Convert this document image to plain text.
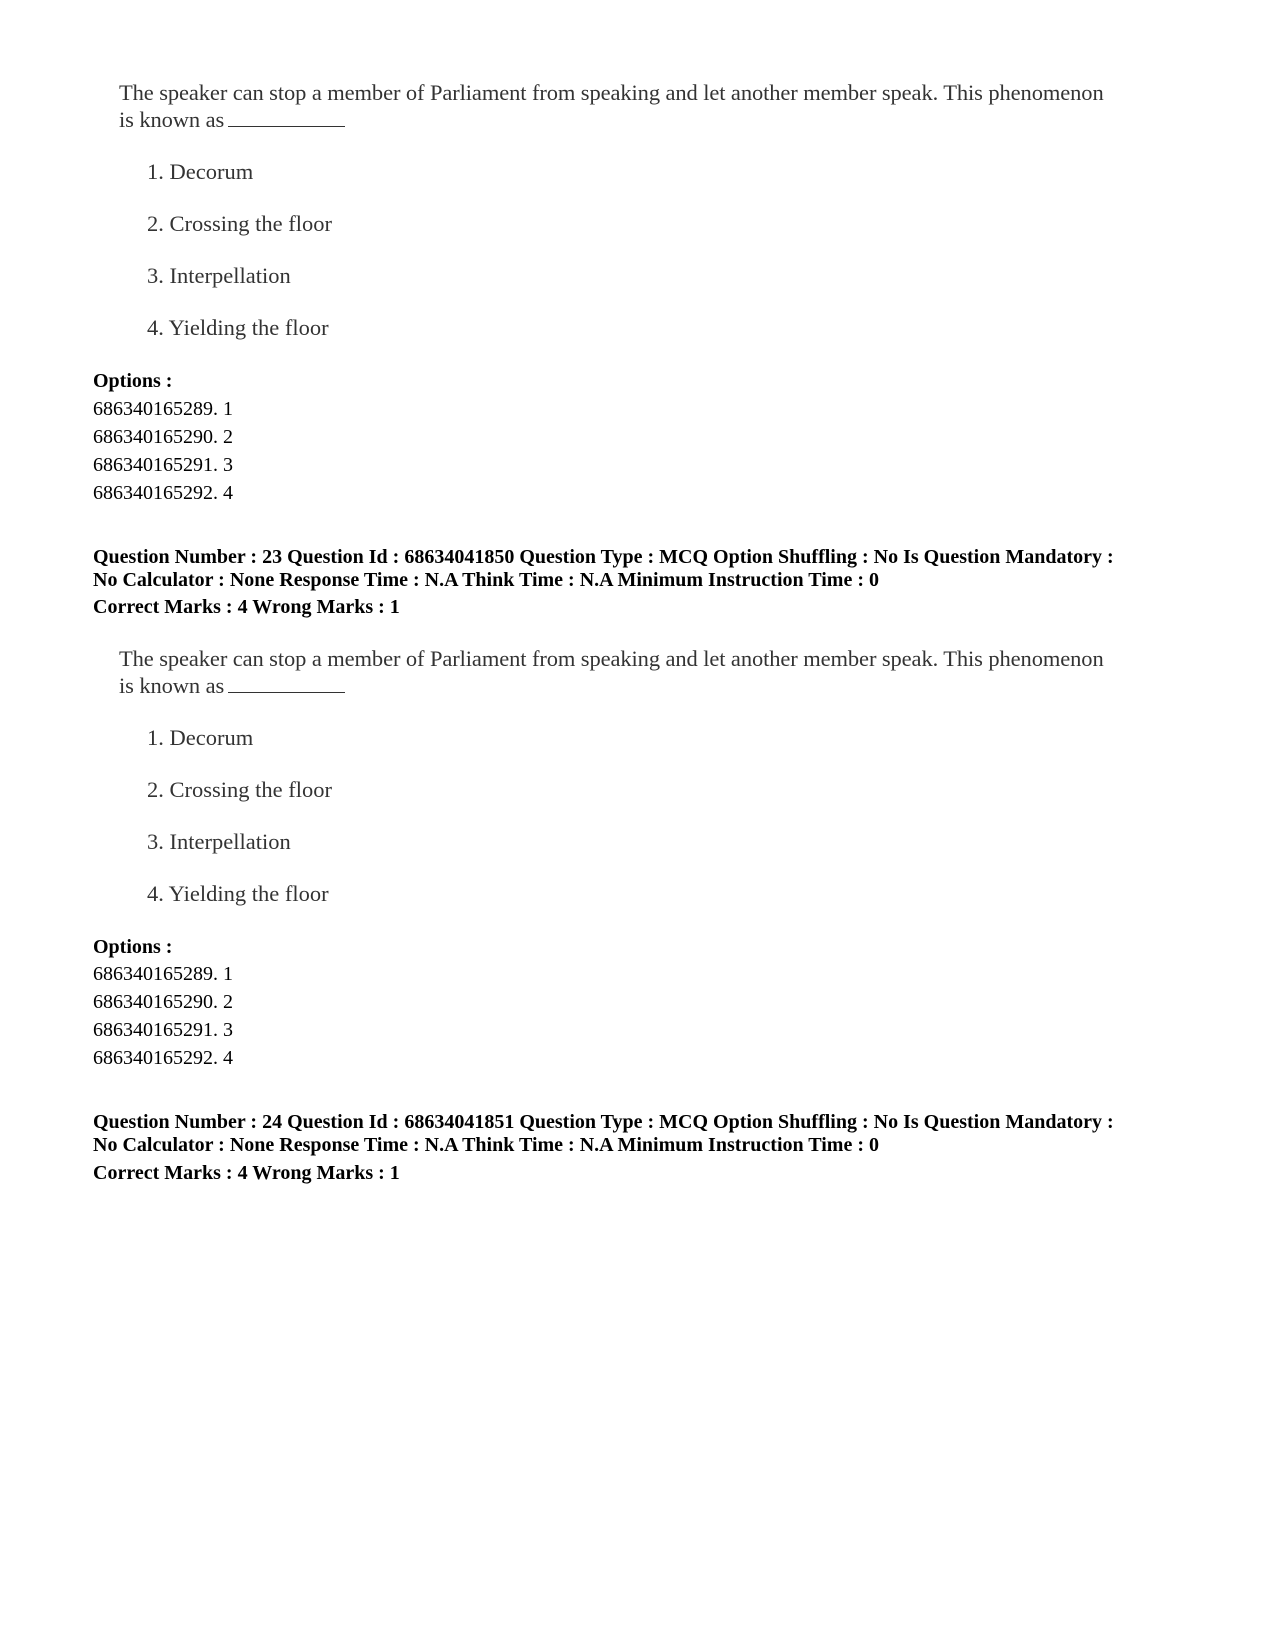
The speaker can stop a member of Parliament from speaking and let another member speak. This phenomenon
is known as
1. Decorum
2. Crossing the floor
3. Interpellation
4. Yielding the floor
Options :
686340165289. 1
686340165290. 2
686340165291. 3
686340165292. 4
Question Number : 23 Question Id : 68634041850 Question Type : MCQ Option Shuffling : No Is Question Mandatory :
No Calculator : None Response Time : N.A Think Time : N.A Minimum Instruction Time : 0
Correct Marks : 4 Wrong Marks : 1
The speaker can stop a member of Parliament from speaking and let another member speak. This phenomenon
is known as
1. Decorum
2. Crossing the floor
3. Interpellation
4. Yielding the floor
Options :
686340165289. 1
686340165290. 2
686340165291. 3
686340165292. 4
Question Number : 24 Question Id : 68634041851 Question Type : MCQ Option Shuffling : No Is Question Mandatory :
No Calculator : None Response Time : N.A Think Time : N.A Minimum Instruction Time : 0
Correct Marks : 4 Wrong Marks : 1
